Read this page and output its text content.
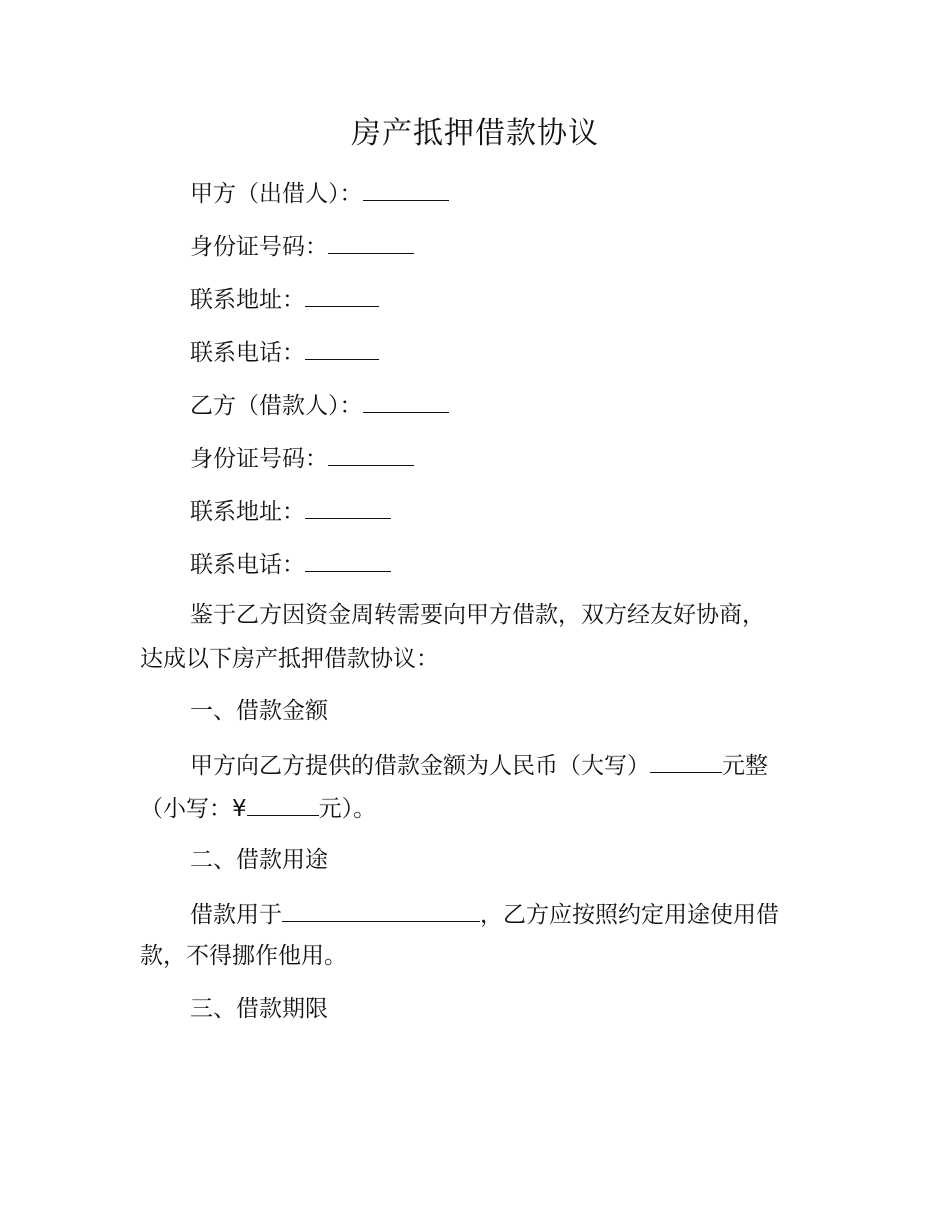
房产抵押借款协议
甲方（出借人）：
身份证号码：
联系地址：
联系电话：
乙方（借款人）：
身份证号码：
联系地址：
联系电话：
鉴于乙方因资金周转需要向甲方借款，双方经友好协商，
达成以下房产抵押借款协议：
一、借款金额
甲方向乙方提供的借款金额为人民币（大写）	元整
（小写：¥	元）。
二、借款用途
借款用于	，乙方应按照约定用途使用借
款，不得挪作他用。
三、借款期限
